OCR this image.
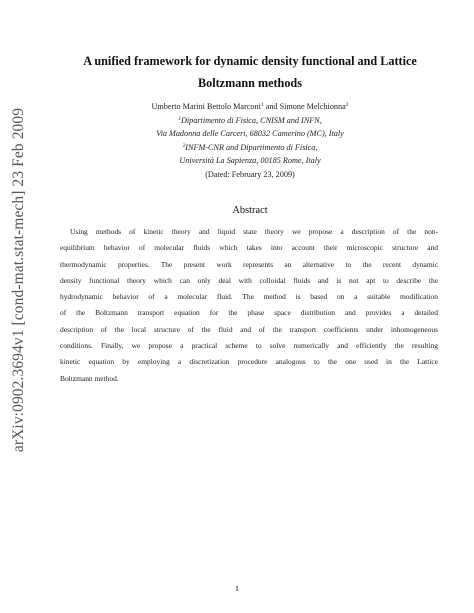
arXiv:0902.3694v1 [cond-mat.stat-mech] 23 Feb 2009
A unified framework for dynamic density functional and Lattice
Boltzmann methods
Umberto Marini Bettolo Marconi$^1$ and Simone Melchionna$^2$
$^1$Dipartimento di Fisica, CNISM and INFN,
Via Madonna delle Carceri, 68032 Camerino (MC), Italy
$^2$INFM-CNR and Dipartimento di Fisica,
Università La Sapienza, 00185 Rome, Italy
(Dated: February 23, 2009)
Abstract
Using methods of kinetic theory and liquid state theory we propose a description of the non-
equilibrium behavior of molecular fluids which takes into account their microscopic structure and
thermodynamic properties. The present work represents an alternative to the recent dynamic
density functional theory which can only deal with colloidal fluids and is not apt to describe the
hydrodynamic behavior of a molecular fluid. The method is based on a suitable modification
of the Boltzmann transport equation for the phase space distribution and provides a detailed
description of the local structure of the fluid and of the transport coefficients under inhomogeneous
conditions. Finally, we propose a practical scheme to solve numerically and efficiently the resulting
kinetic equation by employing a discretization procedure analogous to the one used in the Lattice
Boltzmann method.
1
